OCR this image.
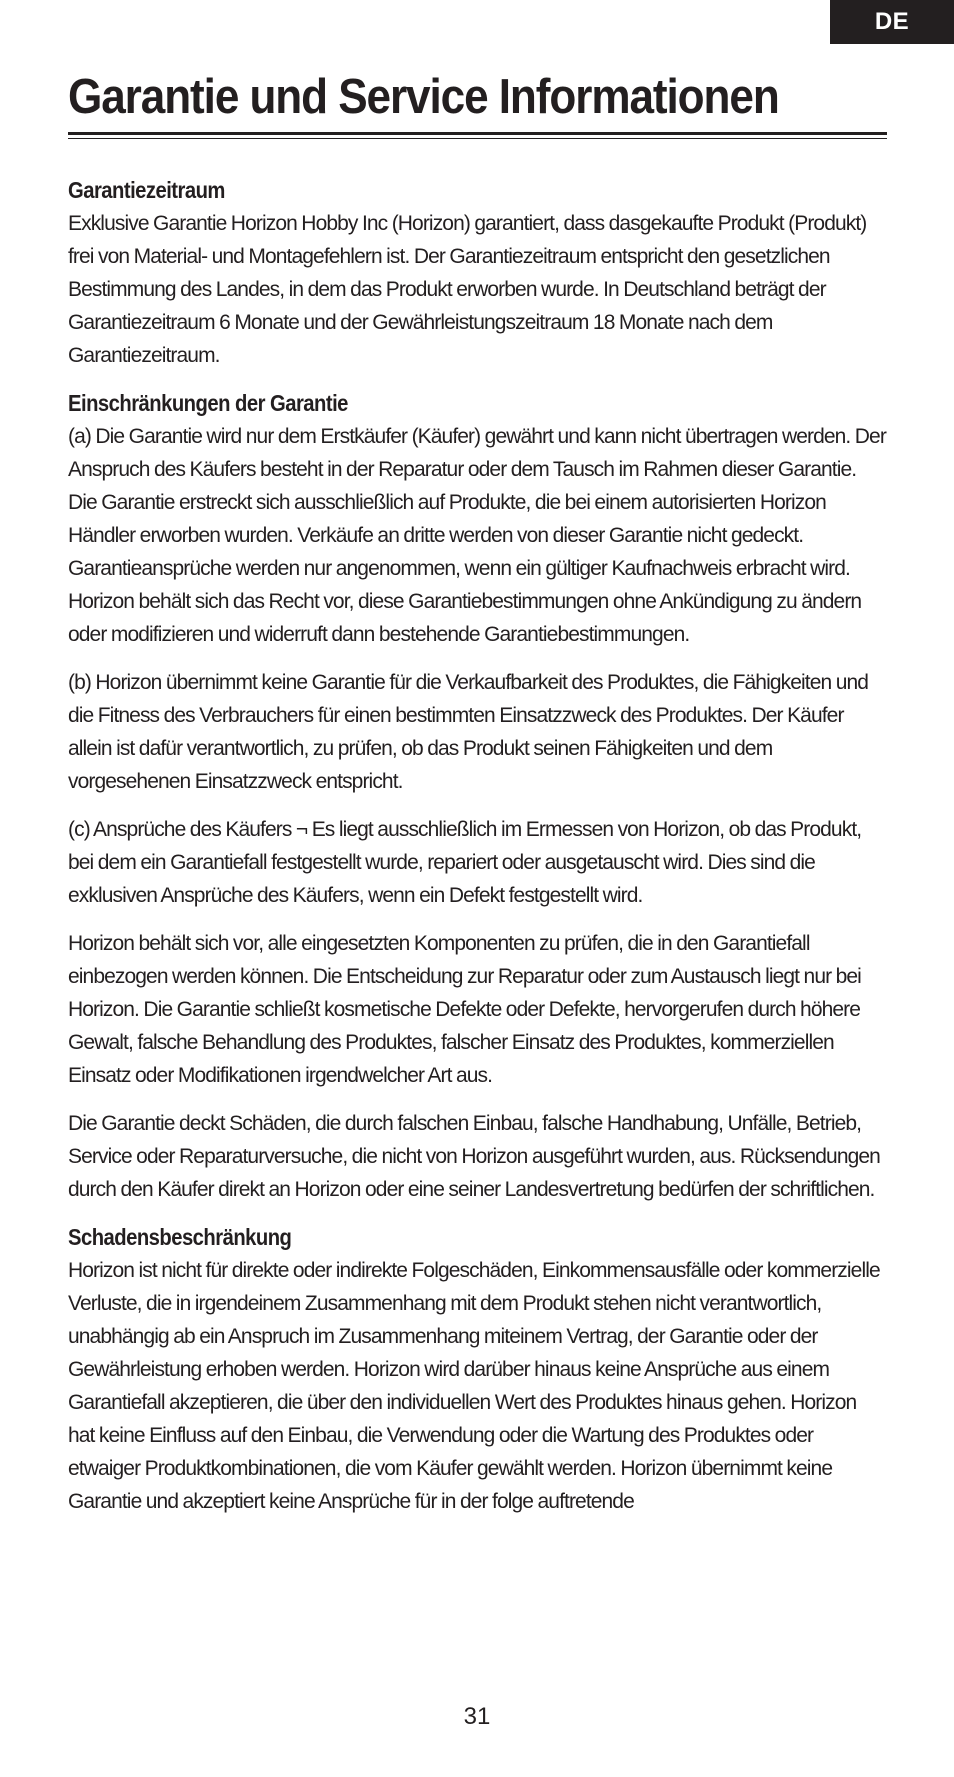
DE
Garantie und Service Informationen
Garantiezeitraum

Exklusive Garantie Horizon Hobby Inc (Horizon) garantiert, dass dasgekaufte Produkt (Produkt) frei von Material- und Montagefehlern ist. Der Garantiezeitraum entspricht den gesetzlichen Bestimmung des Landes, in dem das Produkt erworben wurde. In Deutschland beträgt der Garantiezeitraum 6 Monate und der Gewährleistungszeitraum 18 Monate nach dem Garantiezeitraum.

Einschränkungen der Garantie

(a) Die Garantie wird nur dem Erstkäufer (Käufer) gewährt und kann nicht übertragen werden. Der Anspruch des Käufers besteht in der Reparatur oder dem Tausch im Rahmen dieser Garantie. Die Garantie erstreckt sich ausschließlich auf Produkte, die bei einem autorisierten Horizon Händler erworben wurden. Verkäufe an dritte werden von dieser Garantie nicht gedeckt. Garantieansprüche werden nur angenommen, wenn ein gültiger Kaufnachweis erbracht wird. Horizon behält sich das Recht vor, diese Garantiebestimmungen ohne Ankündigung zu ändern oder modifizieren und widerruft dann bestehende Garantiebestimmungen.

(b) Horizon übernimmt keine Garantie für die Verkaufbarkeit des Produktes, die Fähigkeiten und die Fitness des Verbrauchers für einen bestimmten Einsatzzweck des Produktes. Der Käufer allein ist dafür verantwortlich, zu prüfen, ob das Produkt seinen Fähigkeiten und dem vorgesehenen Einsatzzweck entspricht.

(c) Ansprüche des Käufers ¬ Es liegt ausschließlich im Ermessen von Horizon, ob das Produkt, bei dem ein Garantiefall festgestellt wurde, repariert oder ausgetauscht wird. Dies sind die exklusiven Ansprüche des Käufers, wenn ein Defekt festgestellt wird.

Horizon behält sich vor, alle eingesetzten Komponenten zu prüfen, die in den Garantiefall einbezogen werden können. Die Entscheidung zur Reparatur oder zum Austausch liegt nur bei Horizon. Die Garantie schließt kosmetische Defekte oder Defekte, hervorgerufen durch höhere Gewalt, falsche Behandlung des Produktes, falscher Einsatz des Produktes, kommerziellen Einsatz oder Modifikationen irgendwelcher Art aus.

Die Garantie deckt Schäden, die durch falschen Einbau, falsche Handhabung, Unfälle, Betrieb, Service oder Reparaturversuche, die nicht von Horizon ausgeführt wurden, aus. Rücksendungen durch den Käufer direkt an Horizon oder eine seiner Landesvertretung bedürfen der schriftlichen.

Schadensbeschränkung

Horizon ist nicht für direkte oder indirekte Folgeschäden, Einkommensausfälle oder kommerzielle Verluste, die in irgendeinem Zusammenhang mit dem Produkt stehen nicht verantwortlich, unabhängig ab ein Anspruch im Zusammenhang miteinem Vertrag, der Garantie oder der Gewährleistung erhoben werden. Horizon wird darüber hinaus keine Ansprüche aus einem Garantiefall akzeptieren, die über den individuellen Wert des Produktes hinaus gehen. Horizon hat keine Einfluss auf den Einbau, die Verwendung oder die Wartung des Produktes oder etwaiger Produktkombinationen, die vom Käufer gewählt werden. Horizon übernimmt keine Garantie und akzeptiert keine Ansprüche für in der folge auftretende

31
